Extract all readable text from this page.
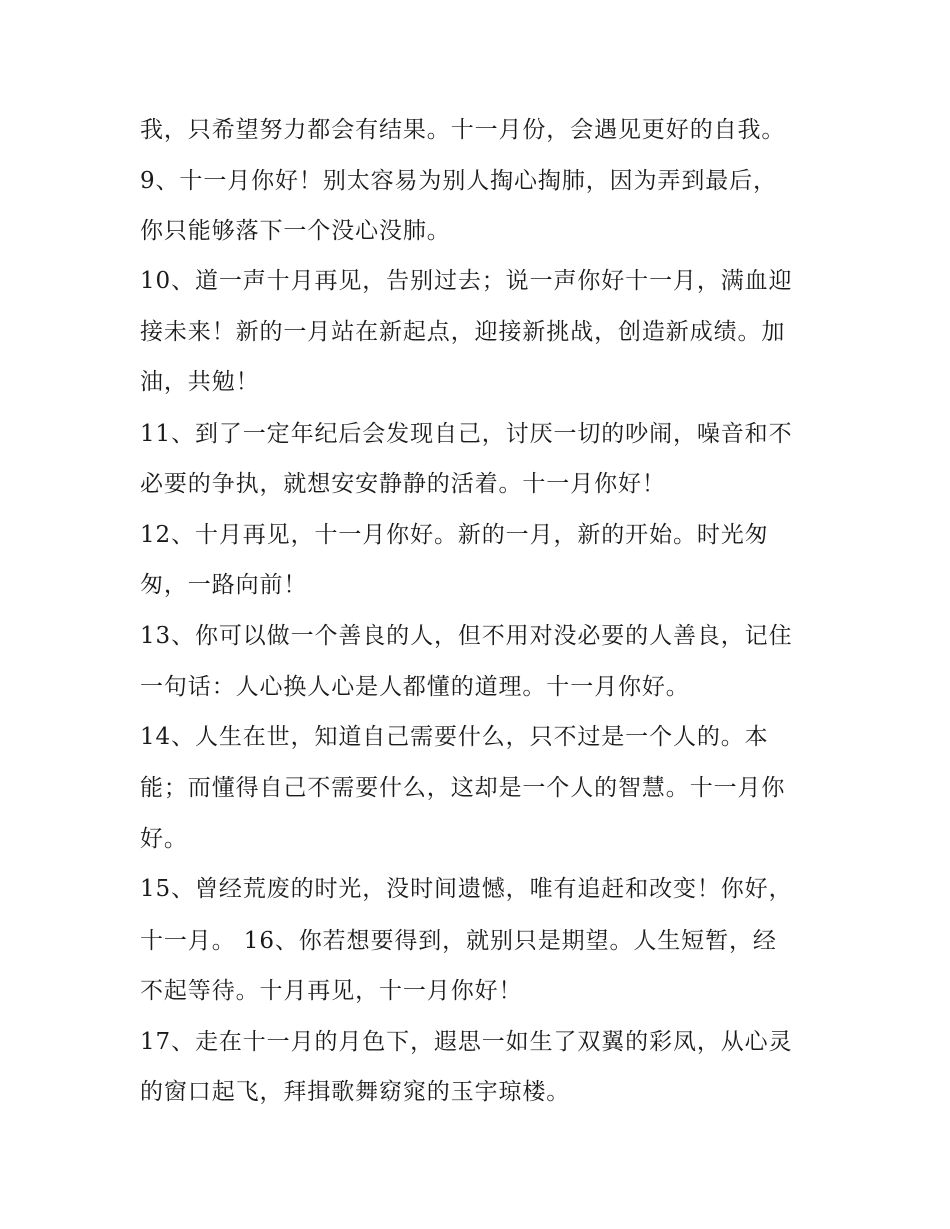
我，只希望努力都会有结果。十一月份，会遇见更好的自我。
9、十一月你好！别太容易为别人掏心掏肺，因为弄到最后，
你只能够落下一个没心没肺。
10、道一声十月再见，告别过去；说一声你好十一月，满血迎
接未来！新的一月站在新起点，迎接新挑战，创造新成绩。加
油，共勉！
11、到了一定年纪后会发现自己，讨厌一切的吵闹，噪音和不
必要的争执，就想安安静静的活着。十一月你好！
12、十月再见，十一月你好。新的一月，新的开始。时光匆
匆，一路向前！
13、你可以做一个善良的人，但不用对没必要的人善良，记住
一句话：人心换人心是人都懂的道理。十一月你好。
14、人生在世，知道自己需要什么，只不过是一个人的。本
能；而懂得自己不需要什么，这却是一个人的智慧。十一月你
好。
15、曾经荒废的时光，没时间遗憾，唯有追赶和改变！你好，
十一月。 16、你若想要得到，就别只是期望。人生短暂，经
不起等待。十月再见，十一月你好！
17、走在十一月的月色下，遐思一如生了双翼的彩凤，从心灵
的窗口起飞，拜揖歌舞窈窕的玉宇琼楼。
